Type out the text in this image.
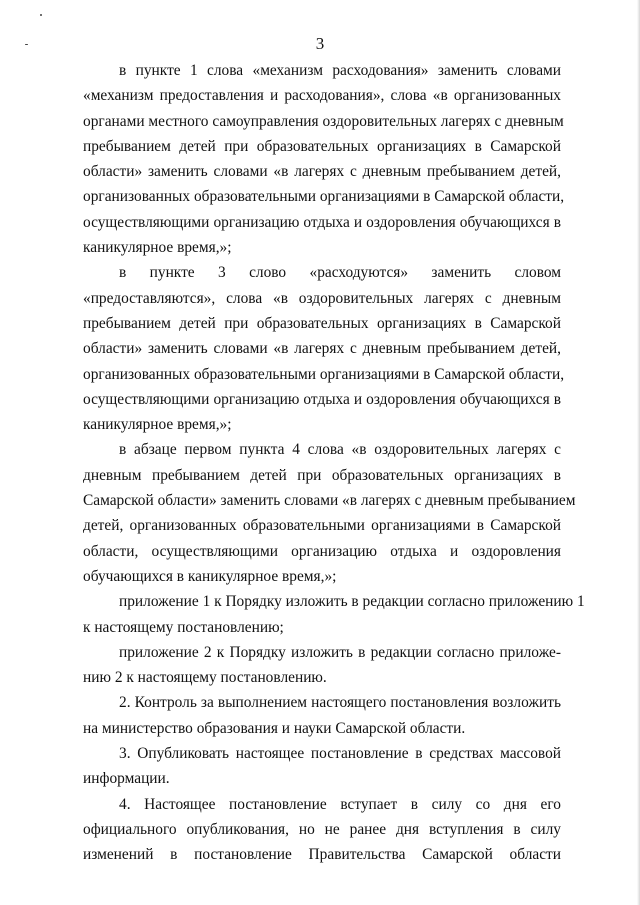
3

в пункте 1 слова «механизм расходования» заменить словами
«механизм предоставления и расходования», слова «в организованных
органами местного самоуправления оздоровительных лагерях с дневным
пребыванием детей при образовательных организациях в Самарской
области» заменить словами «в лагерях с дневным пребыванием детей,
организованных образовательными организациями в Самарской области,
осуществляющими организацию отдыха и оздоровления обучающихся в
каникулярное время,»;

в пункте 3 слово «расходуются» заменить словом
«предоставляются», слова «в оздоровительных лагерях с дневным
пребыванием детей при образовательных организациях в Самарской
области» заменить словами «в лагерях с дневным пребыванием детей,
организованных образовательными организациями в Самарской области,
осуществляющими организацию отдыха и оздоровления обучающихся в
каникулярное время,»;

в абзаце первом пункта 4 слова «в оздоровительных лагерях с
дневным пребыванием детей при образовательных организациях в
Самарской области» заменить словами «в лагерях с дневным пребыванием
детей, организованных образовательными организациями в Самарской
области, осуществляющими организацию отдыха и оздоровления
обучающихся в каникулярное время,»;

приложение 1 к Порядку изложить в редакции согласно приложению 1
к настоящему постановлению;

приложение 2 к Порядку изложить в редакции согласно приложе-
нию 2 к настоящему постановлению.

2. Контроль за выполнением настоящего постановления возложить
на министерство образования и науки Самарской области.

3. Опубликовать настоящее постановление в средствах массовой
информации.

4. Настоящее постановление вступает в силу со дня его
официального опубликования, но не ранее дня вступления в силу
изменений в постановление Правительства Самарской области
